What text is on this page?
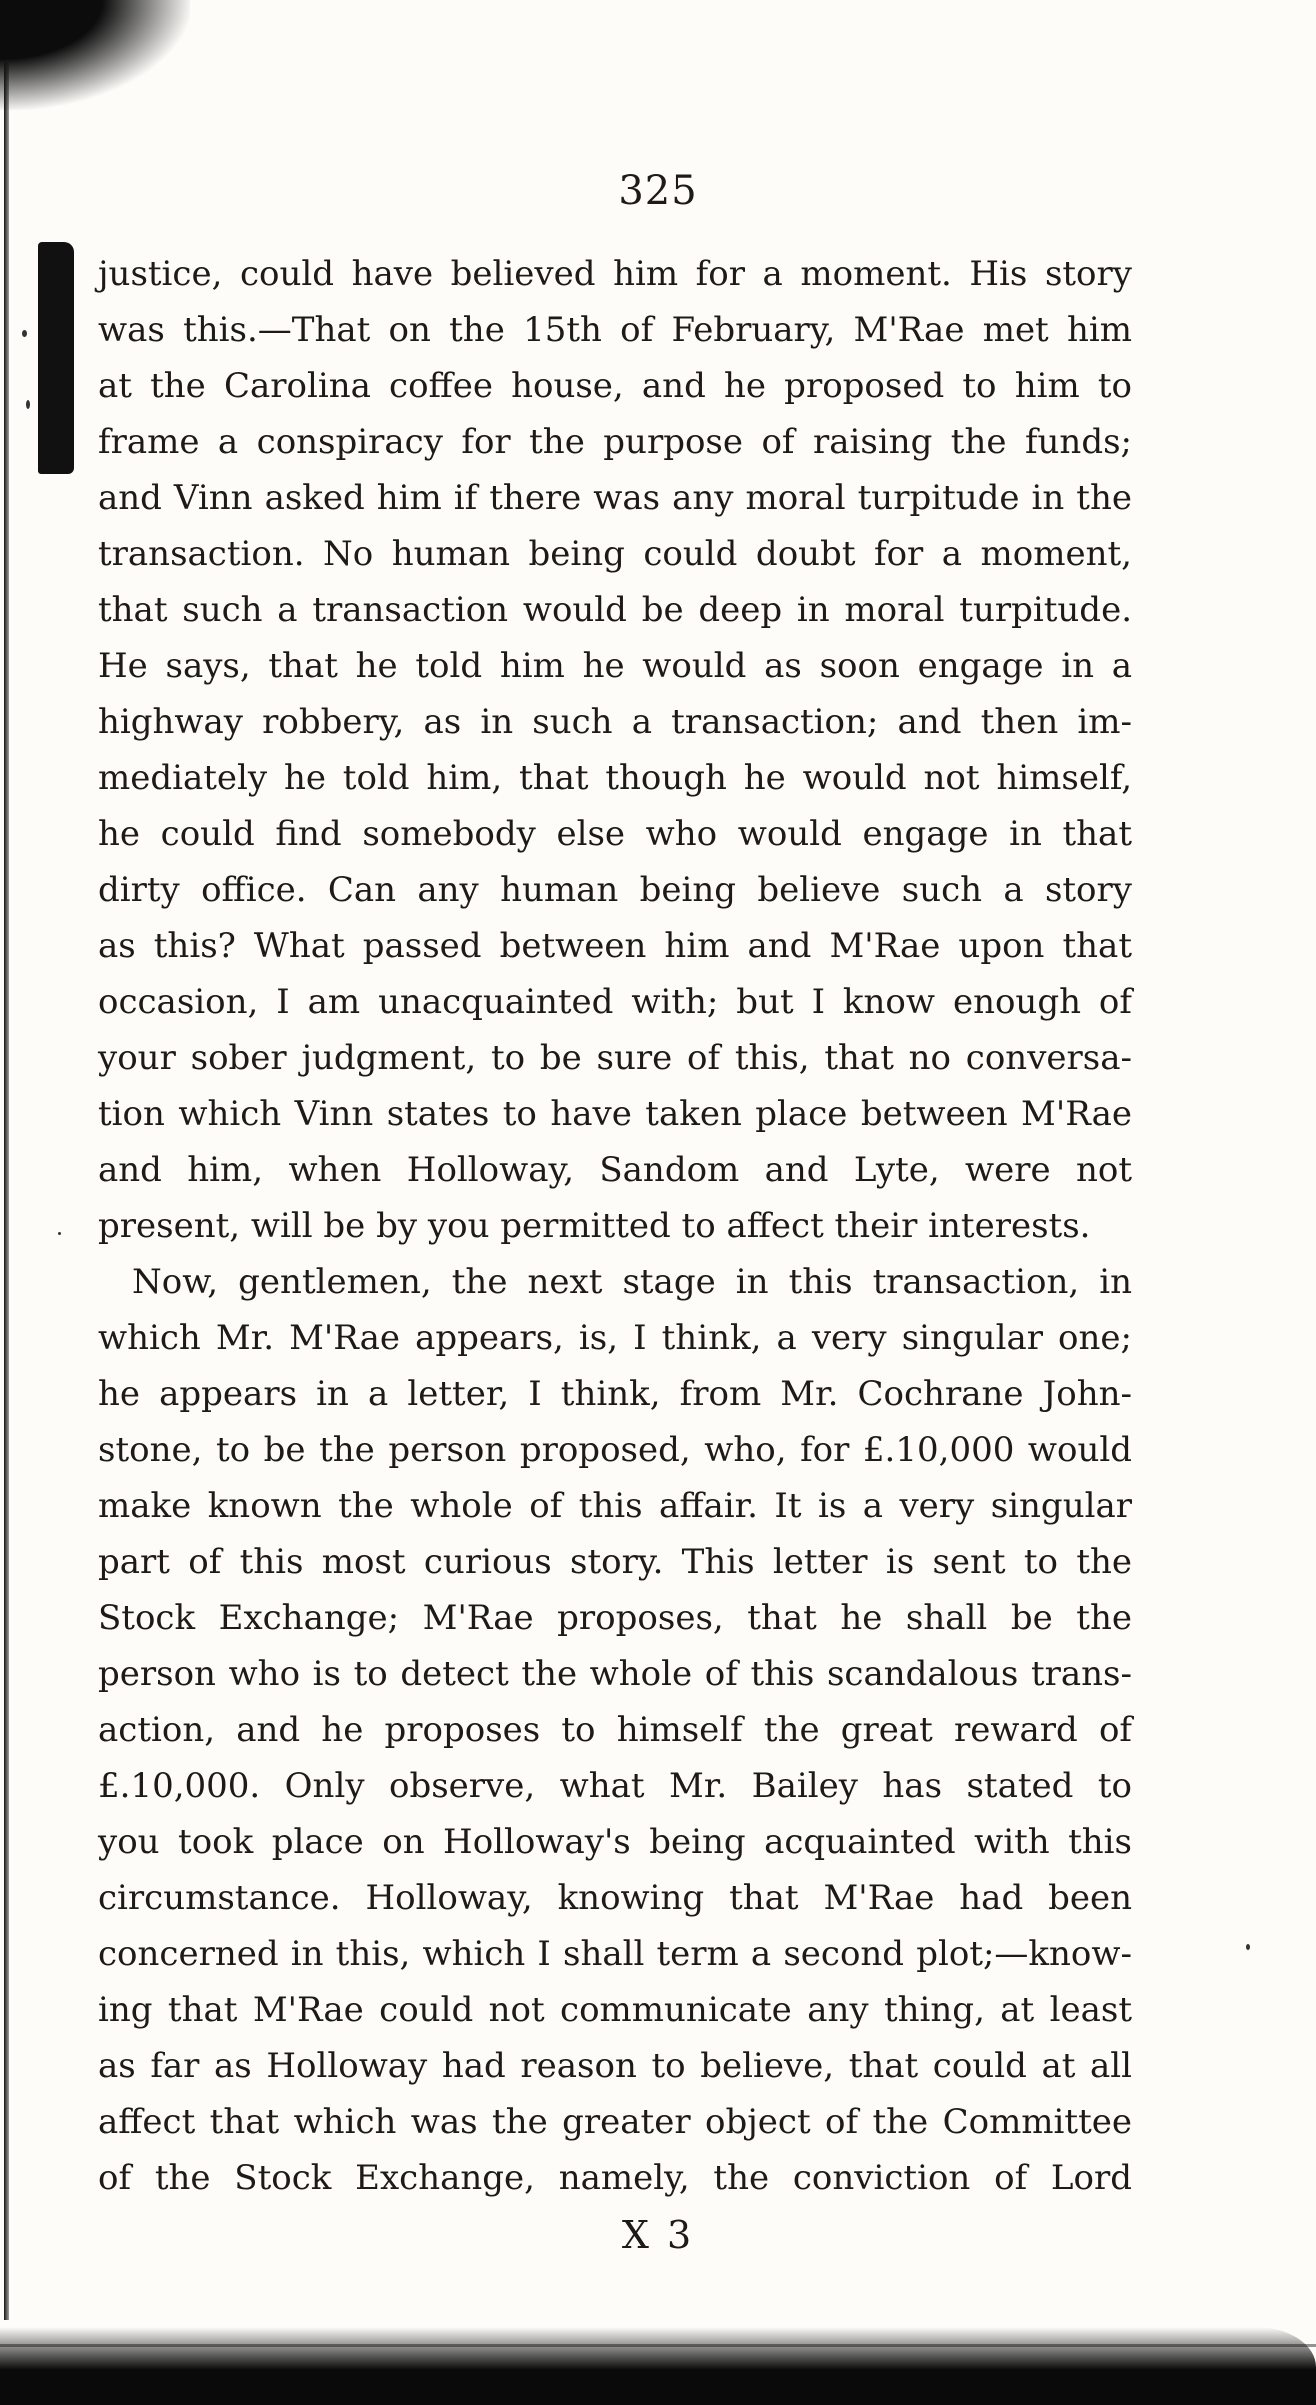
325
justice, could have believed him for a moment. His story
was this.—That on the 15th of February, M'Rae met him
at the Carolina coffee house, and he proposed to him to
frame a conspiracy for the purpose of raising the funds;
and Vinn asked him if there was any moral turpitude in the
transaction. No human being could doubt for a moment,
that such a transaction would be deep in moral turpitude.
He says, that he told him he would as soon engage in a
highway robbery, as in such a transaction; and then im-
mediately he told him, that though he would not himself,
he could find somebody else who would engage in that
dirty office. Can any human being believe such a story
as this? What passed between him and M'Rae upon that
occasion, I am unacquainted with; but I know enough of
your sober judgment, to be sure of this, that no conversa-
tion which Vinn states to have taken place between M'Rae
and him, when Holloway, Sandom and Lyte, were not
present, will be by you permitted to affect their interests.
Now, gentlemen, the next stage in this transaction, in
which Mr. M'Rae appears, is, I think, a very singular one;
he appears in a letter, I think, from Mr. Cochrane John-
stone, to be the person proposed, who, for £.10,000 would
make known the whole of this affair. It is a very singular
part of this most curious story. This letter is sent to the
Stock Exchange; M'Rae proposes, that he shall be the
person who is to detect the whole of this scandalous trans-
action, and he proposes to himself the great reward of
£.10,000. Only observe, what Mr. Bailey has stated to
you took place on Holloway's being acquainted with this
circumstance. Holloway, knowing that M'Rae had been
concerned in this, which I shall term a second plot;—know-
ing that M'Rae could not communicate any thing, at least
as far as Holloway had reason to believe, that could at all
affect that which was the greater object of the Committee
of the Stock Exchange, namely, the conviction of Lord
X 3
